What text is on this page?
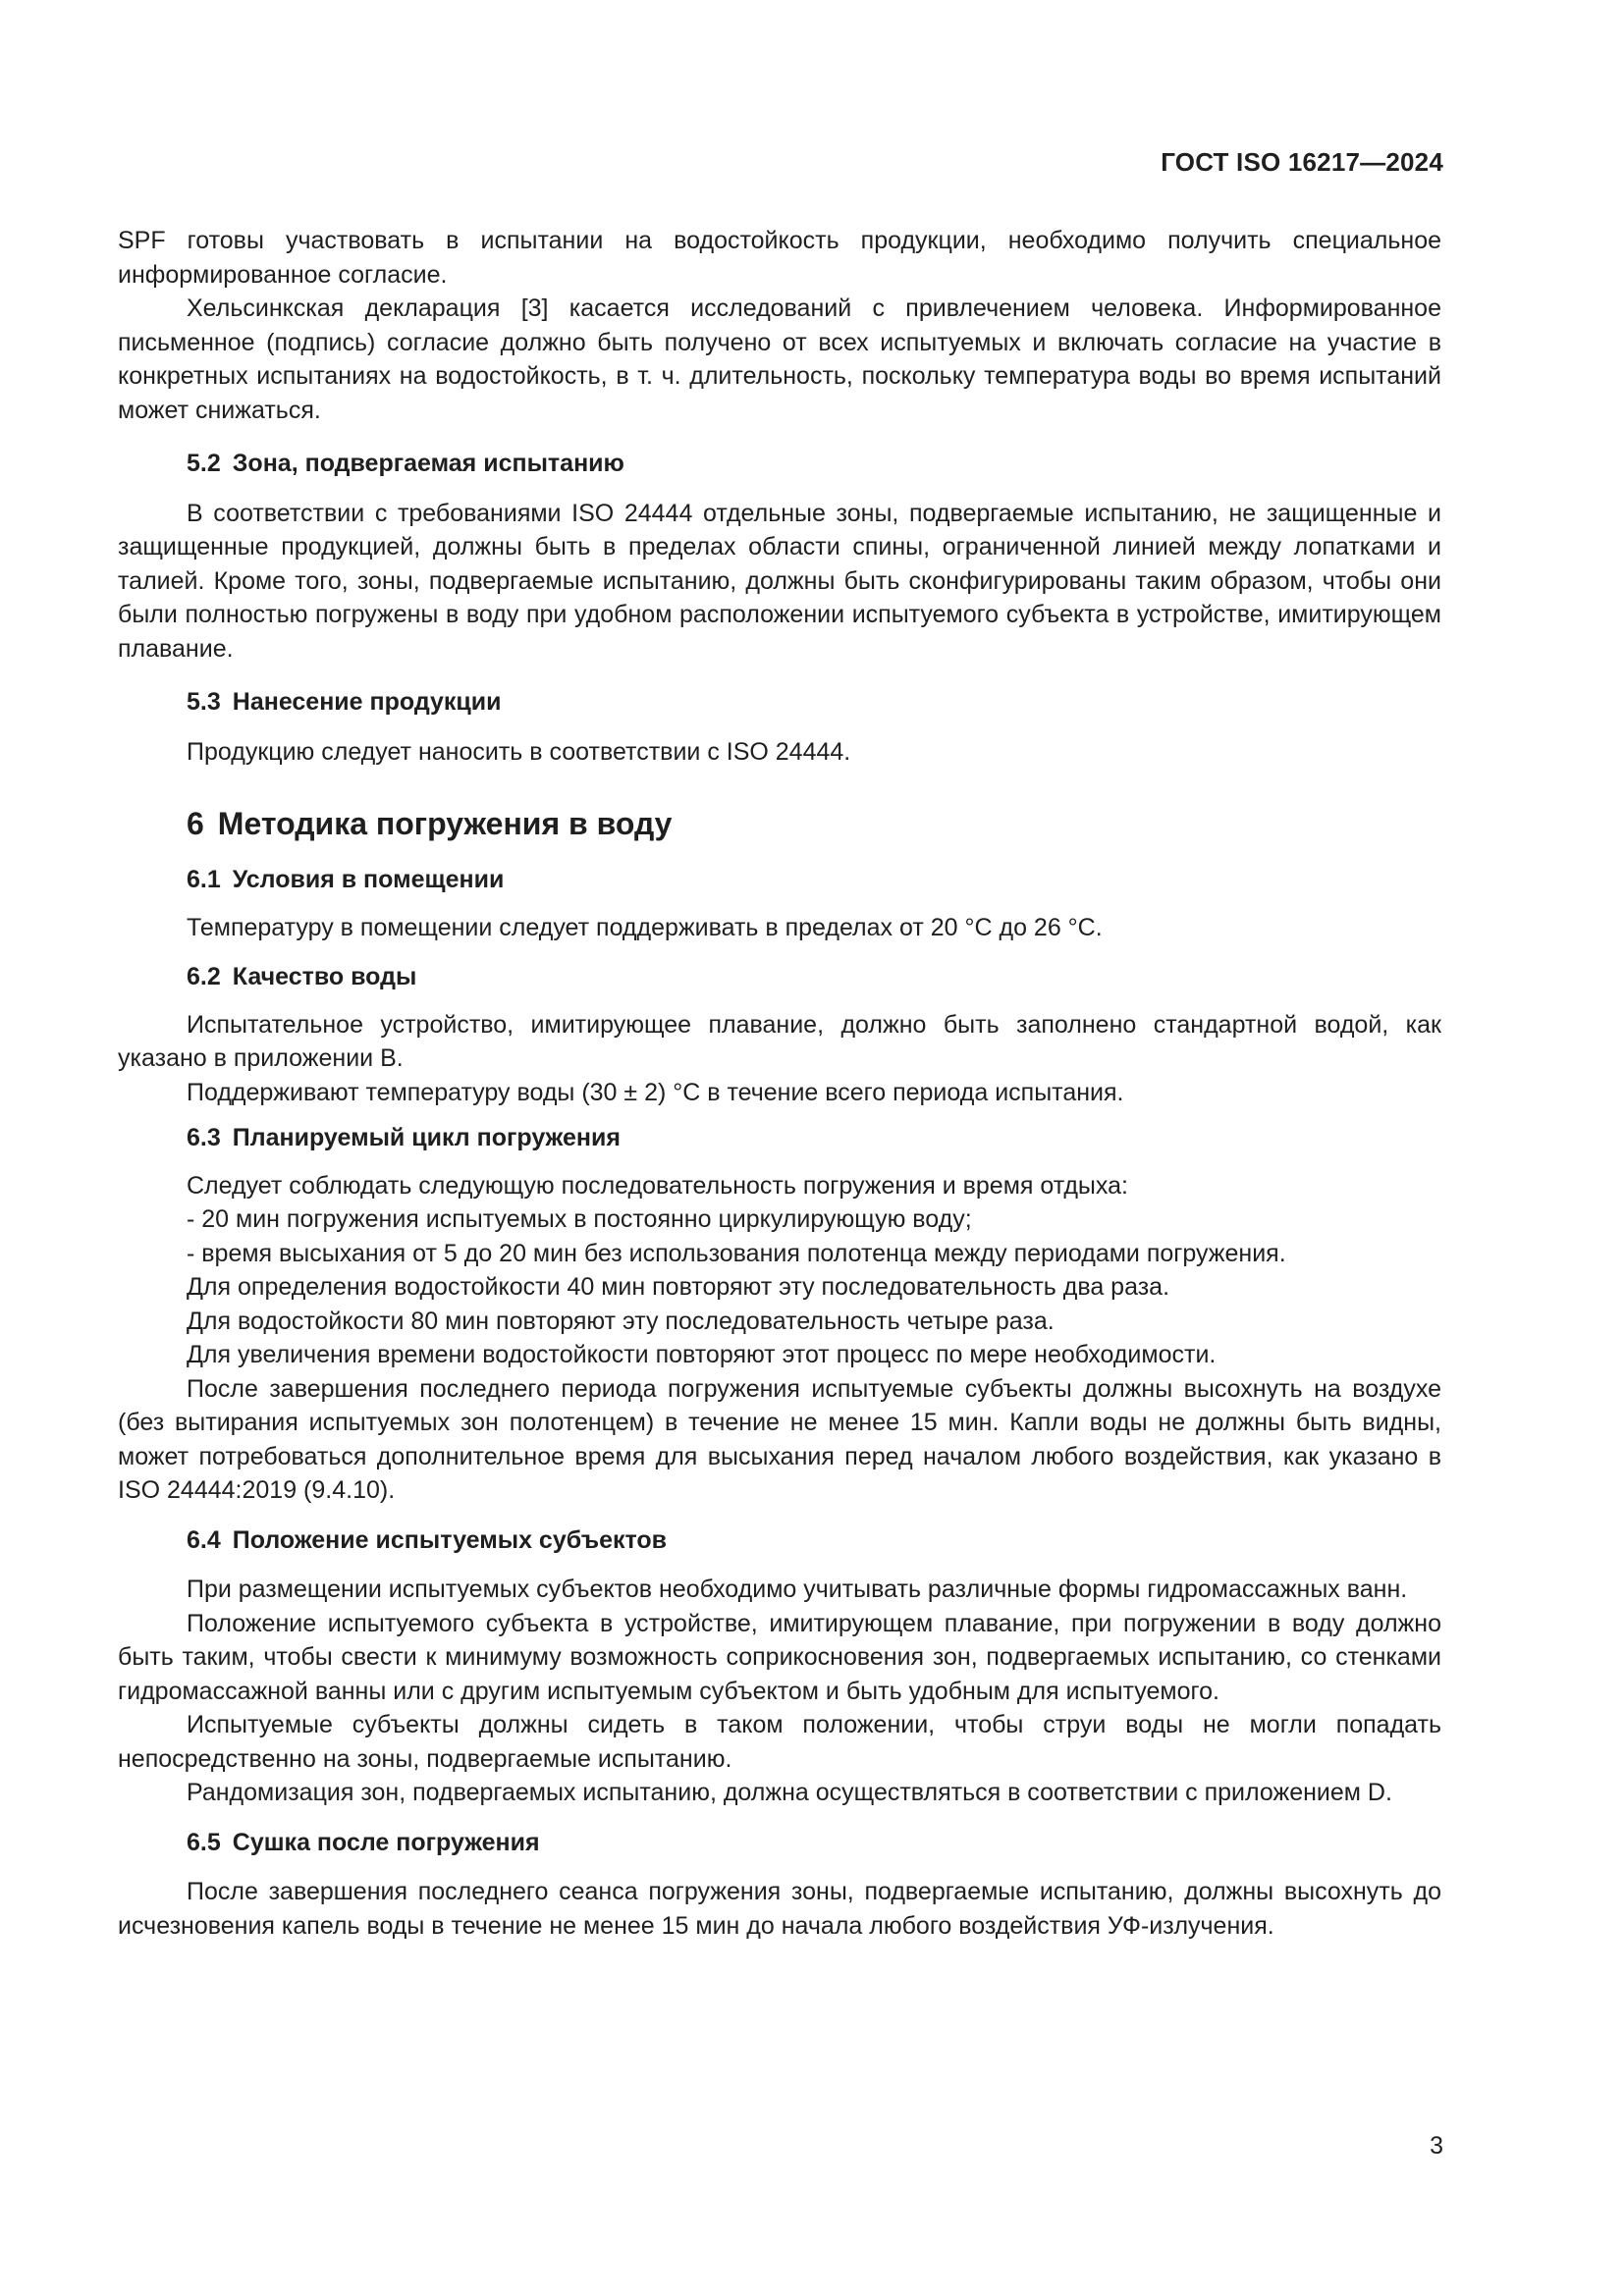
ГОСТ ISO 16217—2024

SPF готовы участвовать в испытании на водостойкость продукции, необходимо получить специальное информированное согласие.

Хельсинкская декларация [3] касается исследований с привлечением человека. Информированное письменное (подпись) согласие должно быть получено от всех испытуемых и включать согласие на участие в конкретных испытаниях на водостойкость, в т. ч. длительность, поскольку температура воды во время испытаний может снижаться.

5.2 Зона, подвергаемая испытанию

В соответствии с требованиями ISO 24444 отдельные зоны, подвергаемые испытанию, не защищенные и защищенные продукцией, должны быть в пределах области спины, ограниченной линией между лопатками и талией. Кроме того, зоны, подвергаемые испытанию, должны быть сконфигурированы таким образом, чтобы они были полностью погружены в воду при удобном расположении испытуемого субъекта в устройстве, имитирующем плавание.

5.3 Нанесение продукции

Продукцию следует наносить в соответствии с ISO 24444.

6 Методика погружения в воду
6.1 Условия в помещении

Температуру в помещении следует поддерживать в пределах от 20 °С до 26 °С.

6.2 Качество воды

Испытательное устройство, имитирующее плавание, должно быть заполнено стандартной водой, как указано в приложении В.

Поддерживают температуру воды (30 ± 2) °С в течение всего периода испытания.

6.3 Планируемый цикл погружения

Следует соблюдать следующую последовательность погружения и время отдыха:

- 20 мин погружения испытуемых в постоянно циркулирующую воду;

- время высыхания от 5 до 20 мин без использования полотенца между периодами погружения.

Для определения водостойкости 40 мин повторяют эту последовательность два раза.

Для водостойкости 80 мин повторяют эту последовательность четыре раза.

Для увеличения времени водостойкости повторяют этот процесс по мере необходимости.

После завершения последнего периода погружения испытуемые субъекты должны высохнуть на воздухе (без вытирания испытуемых зон полотенцем) в течение не менее 15 мин. Капли воды не должны быть видны, может потребоваться дополнительное время для высыхания перед началом любого воздействия, как указано в ISO 24444:2019 (9.4.10).

6.4 Положение испытуемых субъектов

При размещении испытуемых субъектов необходимо учитывать различные формы гидромассажных ванн.

Положение испытуемого субъекта в устройстве, имитирующем плавание, при погружении в воду должно быть таким, чтобы свести к минимуму возможность соприкосновения зон, подвергаемых испытанию, со стенками гидромассажной ванны или с другим испытуемым субъектом и быть удобным для испытуемого.

Испытуемые субъекты должны сидеть в таком положении, чтобы струи воды не могли попадать непосредственно на зоны, подвергаемые испытанию.

Рандомизация зон, подвергаемых испытанию, должна осуществляться в соответствии с приложением D.

6.5 Сушка после погружения

После завершения последнего сеанса погружения зоны, подвергаемые испытанию, должны высохнуть до исчезновения капель воды в течение не менее 15 мин до начала любого воздействия УФ-излучения.

3
